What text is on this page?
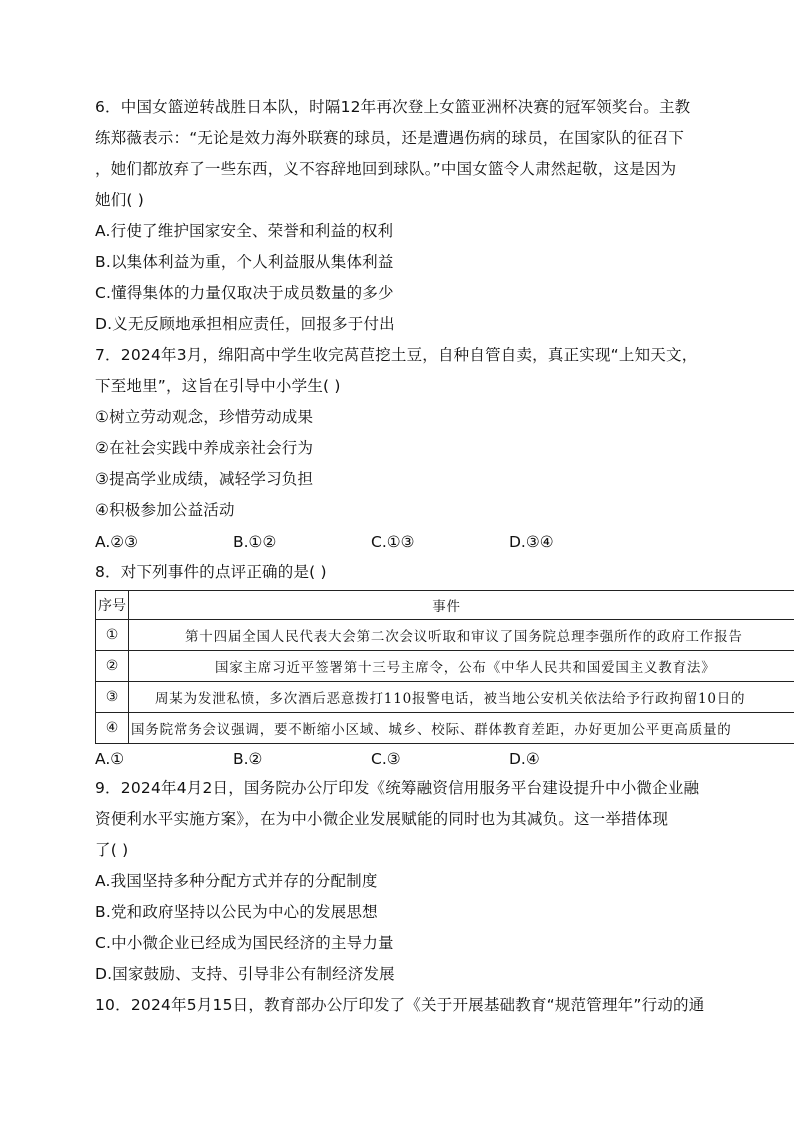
6．中国女篮逆转战胜日本队，时隔12年再次登上女篮亚洲杯决赛的冠军领奖台。主教
练郑薇表示：“无论是效力海外联赛的球员，还是遭遇伤病的球员，在国家队的征召下
，她们都放弃了一些东西，义不容辞地回到球队。”中国女篮令人肃然起敬，这是因为
她们( )
A.行使了维护国家安全、荣誉和利益的权利
B.以集体利益为重，个人利益服从集体利益
C.懂得集体的力量仅取决于成员数量的多少
D.义无反顾地承担相应责任，回报多于付出
7．2024年3月，绵阳高中学生收完莴苣挖土豆，自种自管自卖，真正实现“上知天文，
下至地里”，这旨在引导中小学生( )
①树立劳动观念，珍惜劳动成果
②在社会实践中养成亲社会行为
③提高学业成绩，减轻学习负担
④积极参加公益活动
A.②③	B.①②	C.①③	D.③④
8．对下列事件的点评正确的是( )
序号	事件
①	第十四届全国人民代表大会第二次会议听取和审议了国务院总理李强所作的政府工作报告
②	国家主席习近平签署第十三号主席令，公布《中华人民共和国爱国主义教育法》
③	周某为发泄私愤，多次酒后恶意拨打110报警电话，被当地公安机关依法给予行政拘留10日的
④ 国务院常务会议强调，要不断缩小区域、城乡、校际、群体教育差距，办好更加公平更高质量的
A.①	B.②	C.③	D.④
9．2024年4月2日，国务院办公厅印发《统筹融资信用服务平台建设提升中小微企业融
资便利水平实施方案》，在为中小微企业发展赋能的同时也为其减负。这一举措体现
了( )
A.我国坚持多种分配方式并存的分配制度
B.党和政府坚持以公民为中心的发展思想
C.中小微企业已经成为国民经济的主导力量
D.国家鼓励、支持、引导非公有制经济发展
10．2024年5月15日，教育部办公厅印发了《关于开展基础教育“规范管理年”行动的通
